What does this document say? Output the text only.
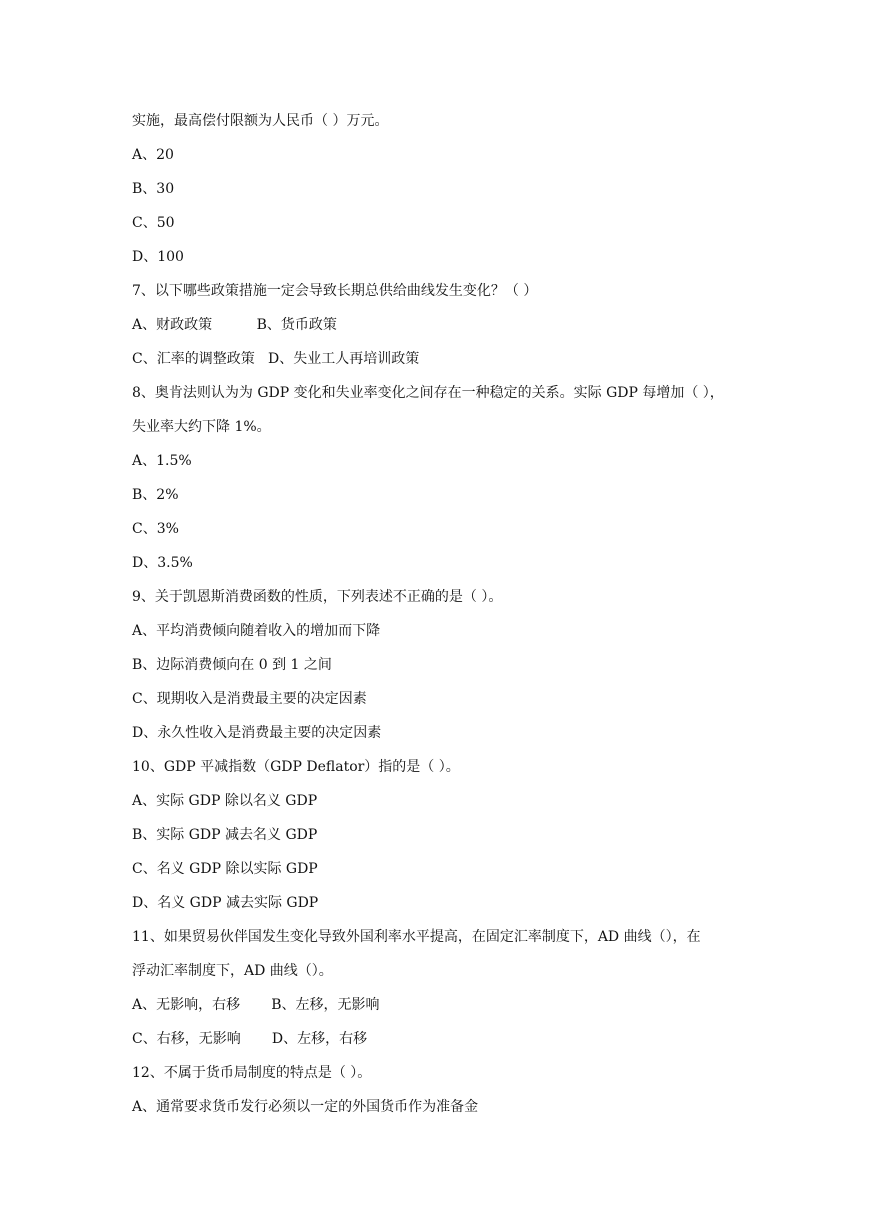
实施，最高偿付限额为人民币（ ）万元。
A、20
B、30
C、50
D、100
7、以下哪些政策措施一定会导致长期总供给曲线发生变化？（ ）
A、财政政策          B、货币政策
C、汇率的调整政策   D、失业工人再培训政策
8、奥肯法则认为为 GDP 变化和失业率变化之间存在一种稳定的关系。实际 GDP 每增加（ ），
失业率大约下降 1%。
A、1.5%
B、2%
C、3%
D、3.5%
9、关于凯恩斯消费函数的性质，下列表述不正确的是（ ）。
A、平均消费倾向随着收入的增加而下降
B、边际消费倾向在 0 到 1 之间
C、现期收入是消费最主要的决定因素
D、永久性收入是消费最主要的决定因素
10、GDP 平减指数（GDP Deflator）指的是（ ）。
A、实际 GDP 除以名义 GDP
B、实际 GDP 减去名义 GDP
C、名义 GDP 除以实际 GDP
D、名义 GDP 减去实际 GDP
11、如果贸易伙伴国发生变化导致外国利率水平提高，在固定汇率制度下，AD 曲线（），在
浮动汇率制度下，AD 曲线（）。
A、无影响，右移       B、左移，无影响
C、右移，无影响       D、左移，右移
12、不属于货币局制度的特点是（ ）。
A、通常要求货币发行必须以一定的外国货币作为准备金
